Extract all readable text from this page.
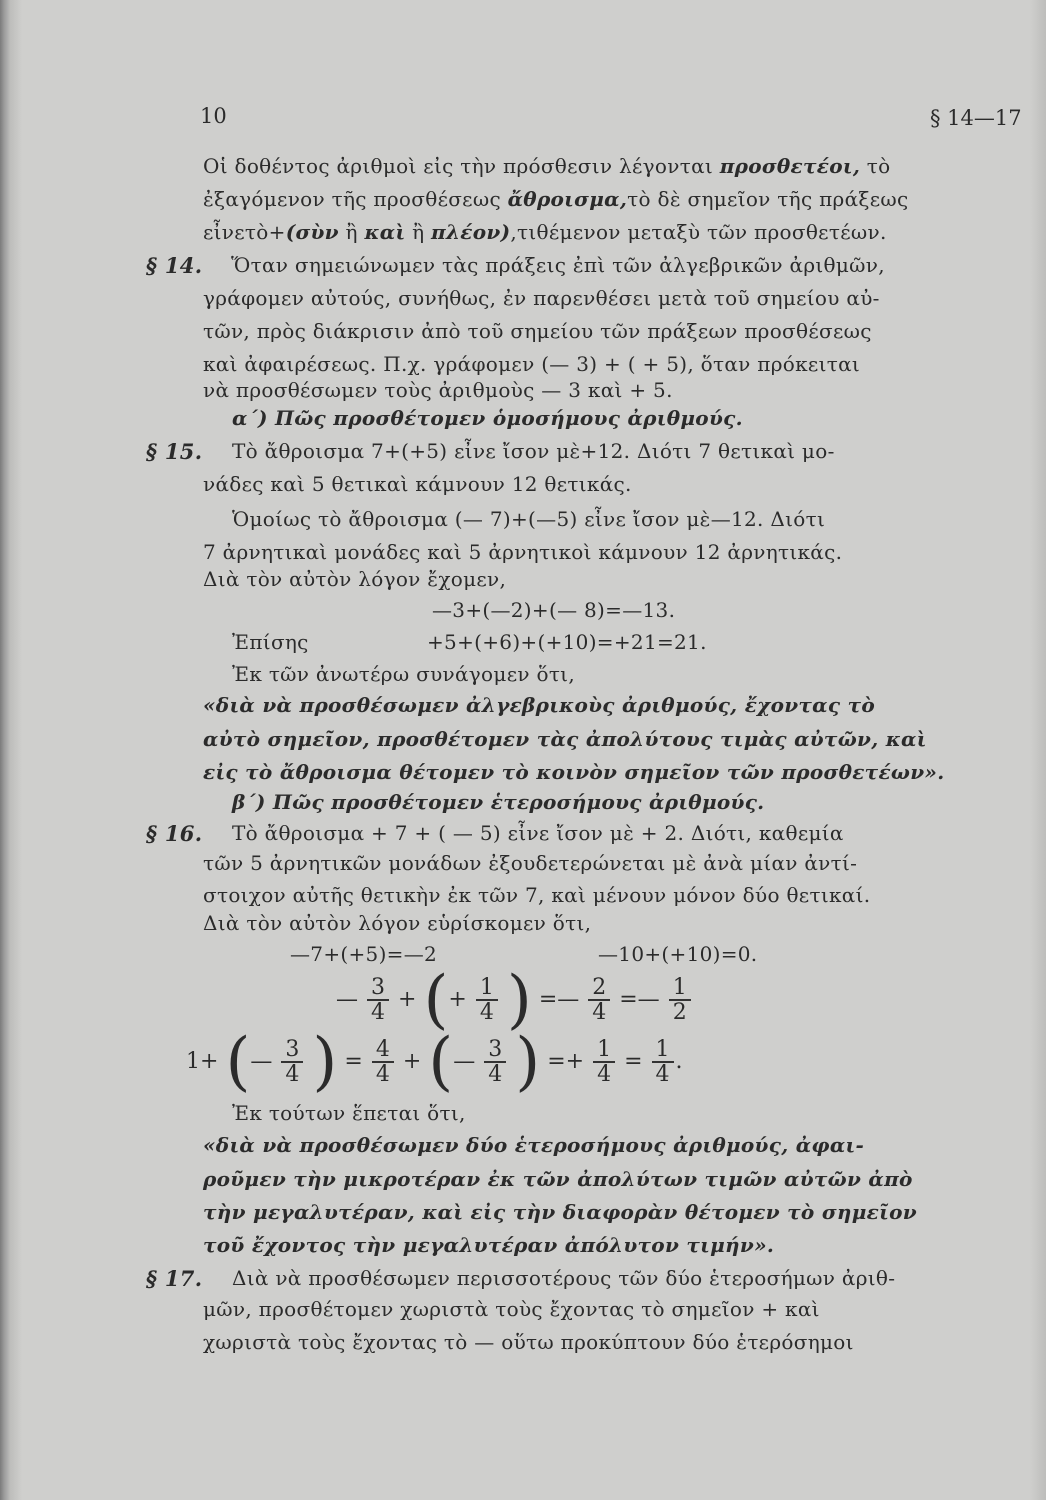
10	§ 14—17
Οἱ δοθέντος ἀριθμοὶ εἰς τὴν πρόσθεσιν λέγονται προσθετέοι, τὸ
ἐξαγόμενον τῆς προσθέσεως ἄθροισμα,τὸ δὲ σημεῖον τῆς πράξεως
εἶνετὸ+(σὺν ἢ καὶ ἢ πλέον),τιθέμενον μεταξὺ τῶν προσθετέων.
§ 14. Ὅταν σημειώνωμεν τὰς πράξεις ἐπὶ τῶν ἀλγεβρικῶν ἀριθμῶν,
γράφομεν αὐτούς, συνήθως, ἐν παρενθέσει μετὰ τοῦ σημείου αὐ-
τῶν, πρὸς διάκρισιν ἀπὸ τοῦ σημείου τῶν πράξεων προσθέσεως
καὶ ἀφαιρέσεως. Π.χ. γράφομεν (— 3) + ( + 5), ὅταν πρόκειται
νὰ προσθέσωμεν τοὺς ἀριθμοὺς — 3 καὶ + 5.
α΄) Πῶς προσθέτομεν ὁμοσήμους ἀριθμούς.
§ 15. Τὸ ἄθροισμα 7+(+5) εἶνε ἴσον μὲ+12. Διότι 7 θετικαὶ μο-
νάδες καὶ 5 θετικαὶ κάμνουν 12 θετικάς.
Ὁμοίως τὸ ἄθροισμα (— 7)+(—5) εἶνε ἴσον μὲ—12. Διότι
7 ἀρνητικαὶ μονάδες καὶ 5 ἀρνητικοὶ κάμνουν 12 ἀρνητικάς.
Διὰ τὸν αὐτὸν λόγον ἔχομεν,
—3+(—2)+(— 8)=—13.
Ἐπίσης	+5+(+6)+(+10)=+21=21.
Ἐκ τῶν ἀνωτέρω συνάγομεν ὅτι,
«διὰ νὰ προσθέσωμεν ἀλγεβρικοὺς ἀριθμούς, ἔχοντας τὸ
αὐτὸ σημεῖον, προσθέτομεν τὰς ἀπολύτους τιμὰς αὐτῶν, καὶ
εἰς τὸ ἄθροισμα θέτομεν τὸ κοινὸν σημεῖον τῶν προσθετέων».
β΄) Πῶς προσθέτομεν ἑτεροσήμους ἀριθμούς.
§ 16. Τὸ ἄθροισμα + 7 + ( — 5) εἶνε ἴσον μὲ + 2. Διότι, καθεμία
τῶν 5 ἀρνητικῶν μονάδων ἐξουδετερώνεται μὲ ἀνὰ μίαν ἀντί-
στοιχον αὐτῆς θετικὴν ἐκ τῶν 7, καὶ μένουν μόνον δύο θετικαί.
Διὰ τὸν αὐτὸν λόγον εὑρίσκομεν ὅτι,
—7+(+5)=—2	—10+(+10)=0.
— $\frac{3}{4}$ + (+ $\frac{1}{4}$ ) =— $\frac{2}{4}$ =— $\frac{1}{2}$
1+ (— $\frac{3}{4}$ ) = $\frac{4}{4}$ + (— $\frac{3}{4}$ ) =+ $\frac{1}{4} = \frac{1}{4}$ .
Ἐκ τούτων ἕπεται ὅτι,
«διὰ νὰ προσθέσωμεν δύο ἑτεροσήμους ἀριθμούς, ἀφαι-
ροῦμεν τὴν μικροτέραν ἐκ τῶν ἀπολύτων τιμῶν αὐτῶν ἀπὸ
τὴν μεγαλυτέραν, καὶ εἰς τὴν διαφορὰν θέτομεν τὸ σημεῖον
τοῦ ἔχοντος τὴν μεγαλυτέραν ἀπόλυτον τιμήν».
§ 17. Διὰ νὰ προσθέσωμεν περισσοτέρους τῶν δύο ἑτεροσήμων ἀριθ-
μῶν, προσθέτομεν χωριστὰ τοὺς ἔχοντας τὸ σημεῖον + καὶ
χωριστὰ τοὺς ἔχοντας τὸ — οὕτω προκύπτουν δύο ἑτερόσημοι
